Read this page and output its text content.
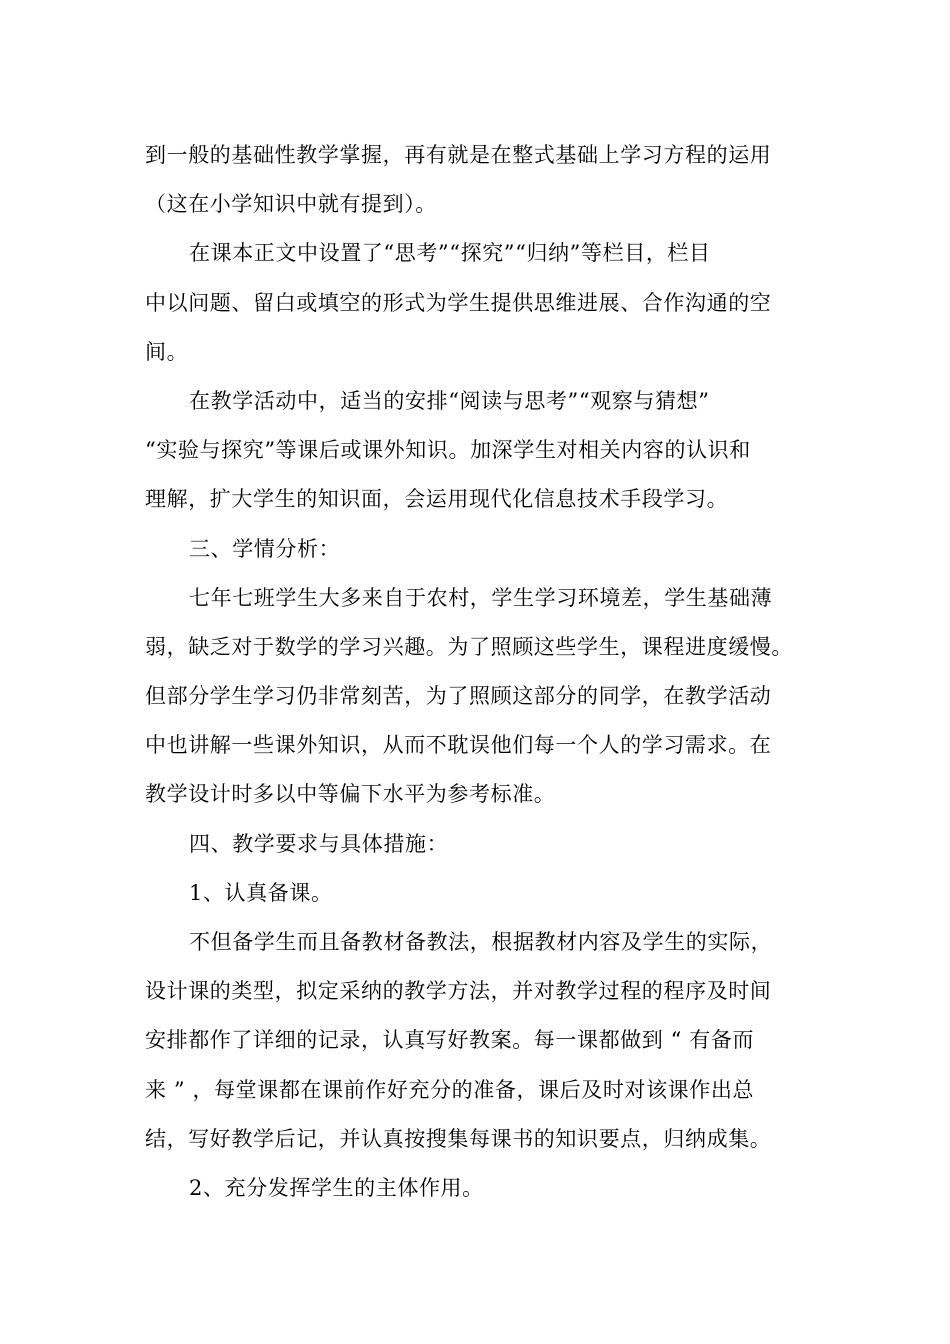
到一般的基础性教学掌握，再有就是在整式基础上学习方程的运用
（这在小学知识中就有提到）。
在课本正文中设置了“思考”“探究”“归纳”等栏目，栏目
中以问题、留白或填空的形式为学生提供思维进展、合作沟通的空
间。
在教学活动中，适当的安排“阅读与思考”“观察与猜想”
“实验与探究”等课后或课外知识。加深学生对相关内容的认识和
理解，扩大学生的知识面，会运用现代化信息技术手段学习。
三、学情分析：
七年七班学生大多来自于农村，学生学习环境差，学生基础薄
弱，缺乏对于数学的学习兴趣。为了照顾这些学生，课程进度缓慢。
但部分学生学习仍非常刻苦，为了照顾这部分的同学，在教学活动
中也讲解一些课外知识，从而不耽误他们每一个人的学习需求。在
教学设计时多以中等偏下水平为参考标准。
四、教学要求与具体措施：
1、认真备课。
不但备学生而且备教材备教法，根据教材内容及学生的实际，
设计课的类型，拟定采纳的教学方法，并对教学过程的程序及时间
安排都作了详细的记录，认真写好教案。每一课都做到 “ 有备而
来 ” ，每堂课都在课前作好充分的准备，课后及时对该课作出总
结，写好教学后记，并认真按搜集每课书的知识要点，归纳成集。
2、充分发挥学生的主体作用。
